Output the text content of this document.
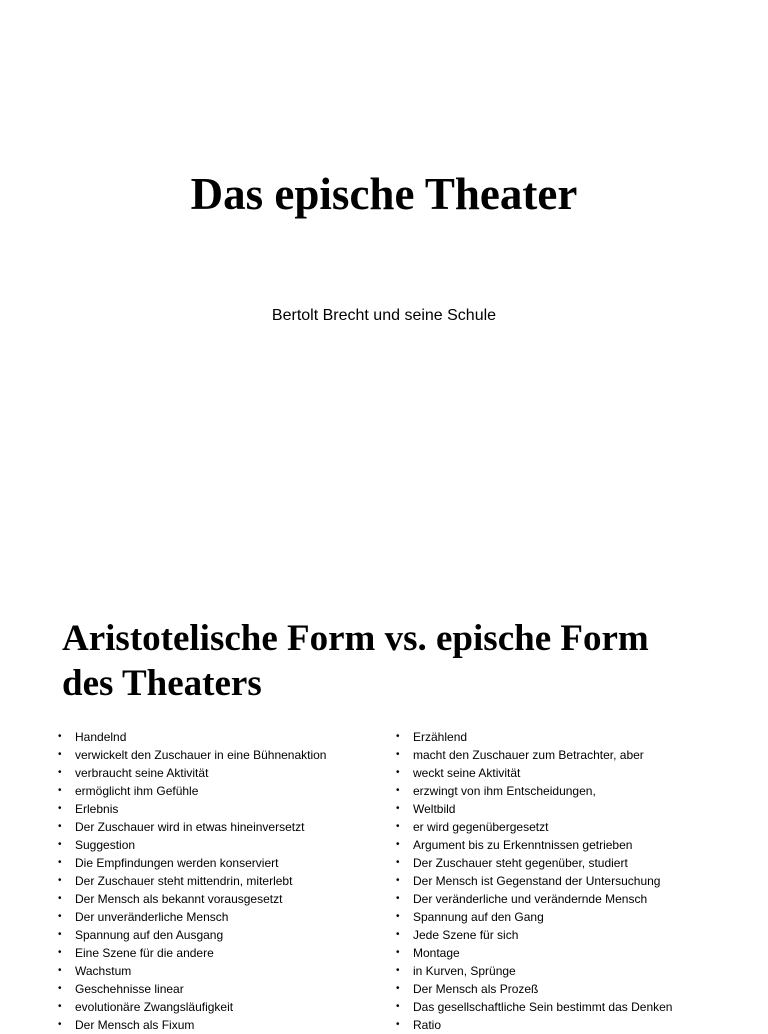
Das epische Theater

Bertolt Brecht und seine Schule

Aristotelische Form vs. epische Form
des Theaters
• Handelnd
• verwickelt den Zuschauer in eine Bühnenaktion
• verbraucht seine Aktivität
• ermöglicht ihm Gefühle
• Erlebnis
• Der Zuschauer wird in etwas hineinversetzt
• Suggestion
• Die Empfindungen werden konserviert
• Der Zuschauer steht mittendrin, miterlebt
• Der Mensch als bekannt vorausgesetzt
• Der unveränderliche Mensch
• Spannung auf den Ausgang
• Eine Szene für die andere
• Wachstum
• Geschehnisse linear
• evolutionäre Zwangsläufigkeit
• Der Mensch als Fixum
• Erzählend
• macht den Zuschauer zum Betrachter, aber
• weckt seine Aktivität
• erzwingt von ihm Entscheidungen,
• Weltbild
• er wird gegenübergesetzt
• Argument bis zu Erkenntnissen getrieben
• Der Zuschauer steht gegenüber, studiert
• Der Mensch ist Gegenstand der Untersuchung
• Der veränderliche und verändernde Mensch
• Spannung auf den Gang
• Jede Szene für sich
• Montage
• in Kurven, Sprünge
• Der Mensch als Prozeß
• Das gesellschaftliche Sein bestimmt das Denken
• Ratio
